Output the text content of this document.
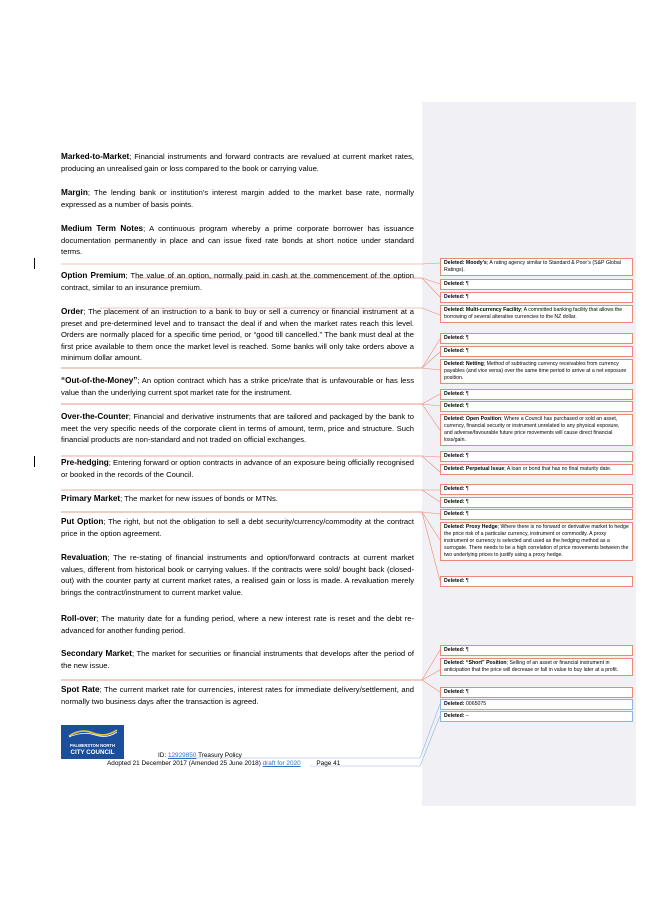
Marked-to-Market; Financial instruments and forward contracts are revalued at current market rates, producing an unrealised gain or loss compared to the book or carrying value.
Margin; The lending bank or institution’s interest margin added to the market base rate, normally expressed as a number of basis points.
Medium Term Notes; A continuous program whereby a prime corporate borrower has issuance documentation permanently in place and can issue fixed rate bonds at short notice under standard terms.
Option Premium; The value of an option, normally paid in cash at the commencement of the option contract, similar to an insurance premium.
Order; The placement of an instruction to a bank to buy or sell a currency or financial instrument at a preset and pre-determined level and to transact the deal if and when the market rates reach this level. Orders are normally placed for a specific time period, or “good till cancelled.” The bank must deal at the first price available to them once the market level is reached. Some banks will only take orders above a minimum dollar amount.
“Out-of-the-Money”; An option contract which has a strike price/rate that is unfavourable or has less value than the underlying current spot market rate for the instrument.
Over-the-Counter; Financial and derivative instruments that are tailored and packaged by the bank to meet the very specific needs of the corporate client in terms of amount, term, price and structure. Such financial products are non-standard and not traded on official exchanges.
Pre-hedging; Entering forward or option contracts in advance of an exposure being officially recognised or booked in the records of the Council.
Primary Market; The market for new issues of bonds or MTNs.
Put Option; The right, but not the obligation to sell a debt security/currency/commodity at the contract price in the option agreement.
Revaluation; The re-stating of financial instruments and option/forward contracts at current market values, different from historical book or carrying values. If the contracts were sold/ bought back (closed-out) with the counter party at current market rates, a realised gain or loss is made. A revaluation merely brings the contract/instrument to current market value.
Roll-over; The maturity date for a funding period, where a new interest rate is reset and the debt re-advanced for another funding period.
Secondary Market; The market for securities or financial instruments that develops after the period of the new issue.
Spot Rate; The current market rate for currencies, interest rates for immediate delivery/settlement, and normally two business days after the transaction is agreed.
Deleted: Moody’s; A rating agency similar to Standard & Poor’s (S&P Global Ratings).
Deleted: ¶
Deleted: ¶
Deleted: Multi-currency Facility; A committed banking facility that allows the borrowing of several alterative currencies to the NZ dollar.
Deleted: ¶
Deleted: ¶
Deleted: Netting; Method of subtracting currency receivables from currency payables (and vice versa) over the same time period to arrive at a net exposure position.
Deleted: ¶
Deleted: ¶
Deleted: Open Position; Where a Council has purchased or sold an asset, currency, financial security or instrument unrelated to any physical exposure, and adverse/favourable future price movements will cause direct financial loss/gain.
Deleted: ¶
Deleted: Perpetual Issue; A loan or bond that has no final maturity date.
Deleted: ¶
Deleted: ¶
Deleted: ¶
Deleted: Proxy Hedge; Where there is no forward or derivative market to hedge the price risk of a particular currency, instrument or commodity. A proxy instrument or currency is selected and used as the hedging method as a surrogate. There needs to be a high correlation of price movements between the two underlying prices to justify using a proxy hedge.
Deleted: ¶
Deleted: ¶
Deleted: “Short” Position; Selling of an asset or financial instrument in anticipation that the price will decrease or fall in value to buy later at a profit.
Deleted: ¶
Deleted: 0065075
Deleted: –
PALMERSTON NORTH
CITY COUNCIL	ID: 12929850 Treasury Policy
Adopted 21 December 2017 (Amended 25 June 2018) draft for 2020 Page 41
